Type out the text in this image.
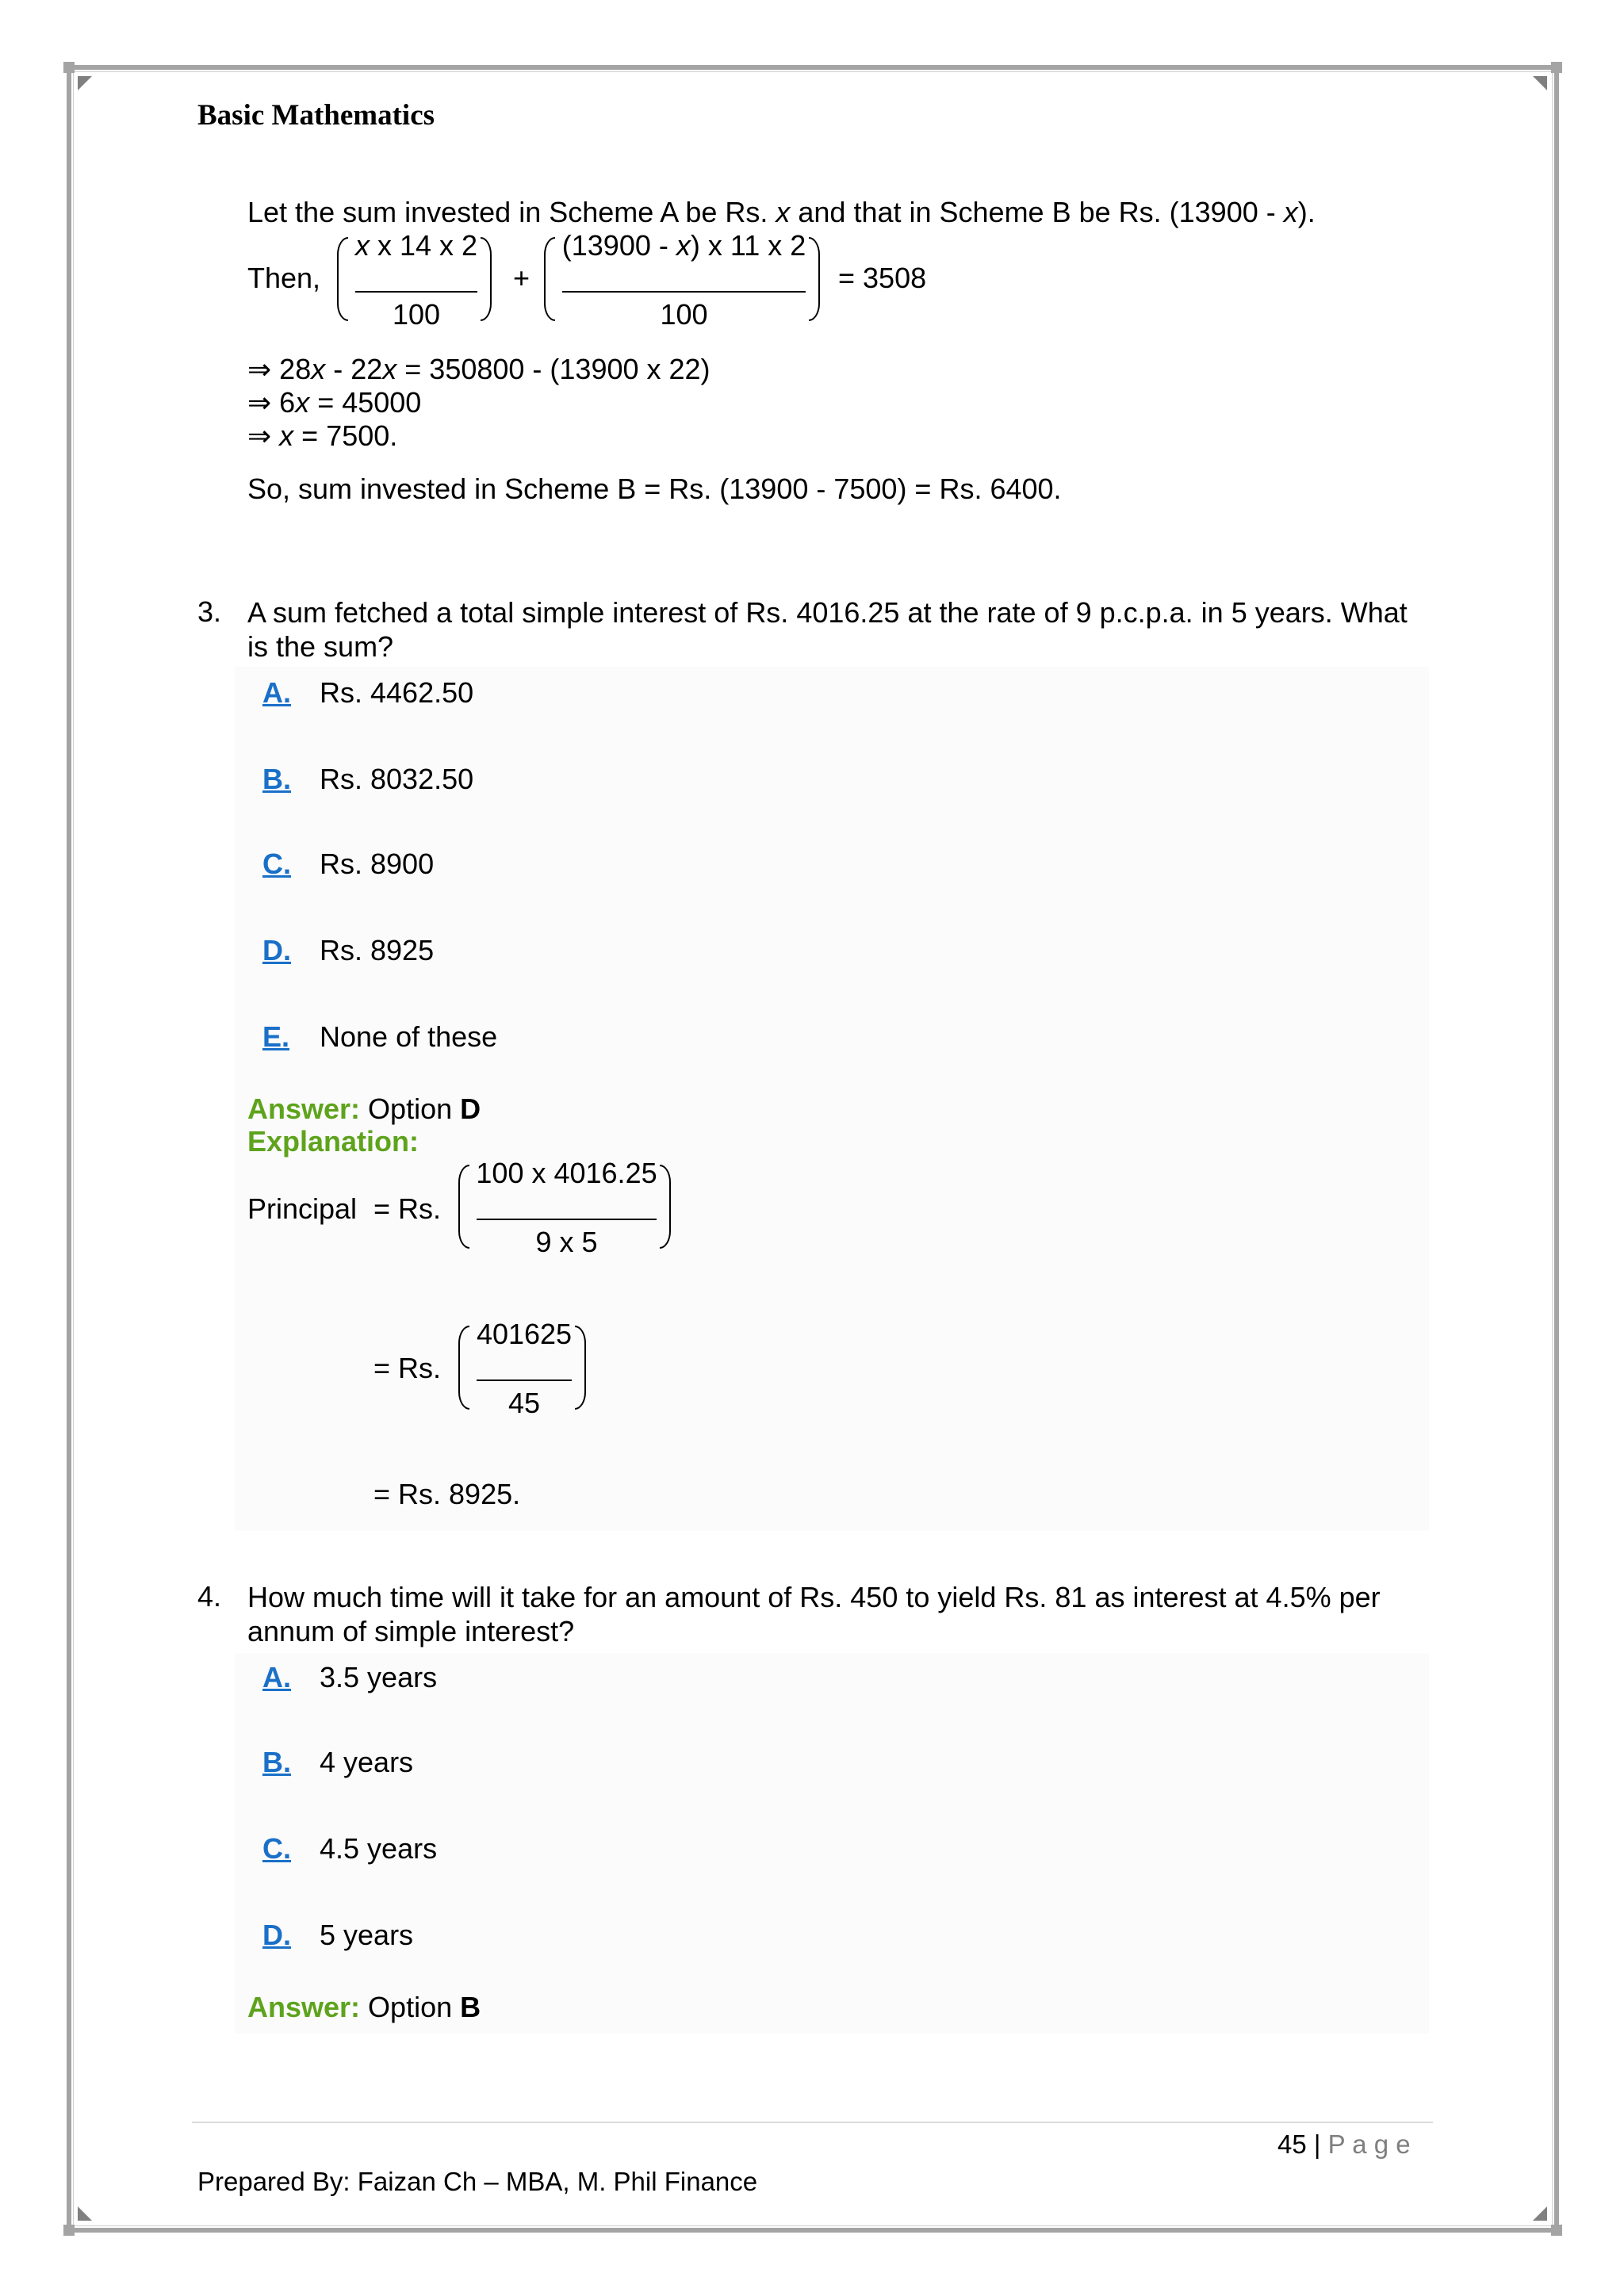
Basic Mathematics
Let the sum invested in Scheme A be Rs. x and that in Scheme B be Rs. (13900 - x).
Then,
x x 14 x 2
100
+
(13900 - x) x 11 x 2
100
= 3508
⇒ 28x - 22x = 350800 - (13900 x 22)
⇒ 6x = 45000
⇒ x = 7500.
So, sum invested in Scheme B = Rs. (13900 - 7500) = Rs. 6400.
3. A sum fetched a total simple interest of Rs. 4016.25 at the rate of 9 p.c.p.a. in 5 years. What
is the sum?
A. Rs. 4462.50
B. Rs. 8032.50
C. Rs. 8900
D. Rs. 8925
E. None of these
Answer: Option D
Explanation:
Principal = Rs.
100 x 4016.25
9 x 5
= Rs.
401625
45
= Rs. 8925.
4. How much time will it take for an amount of Rs. 450 to yield Rs. 81 as interest at 4.5% per
annum of simple interest?
A. 3.5 years
B. 4 years
C. 4.5 years
D. 5 years
Answer: Option B
45 | P a g e
Prepared By: Faizan Ch – MBA, M. Phil Finance
